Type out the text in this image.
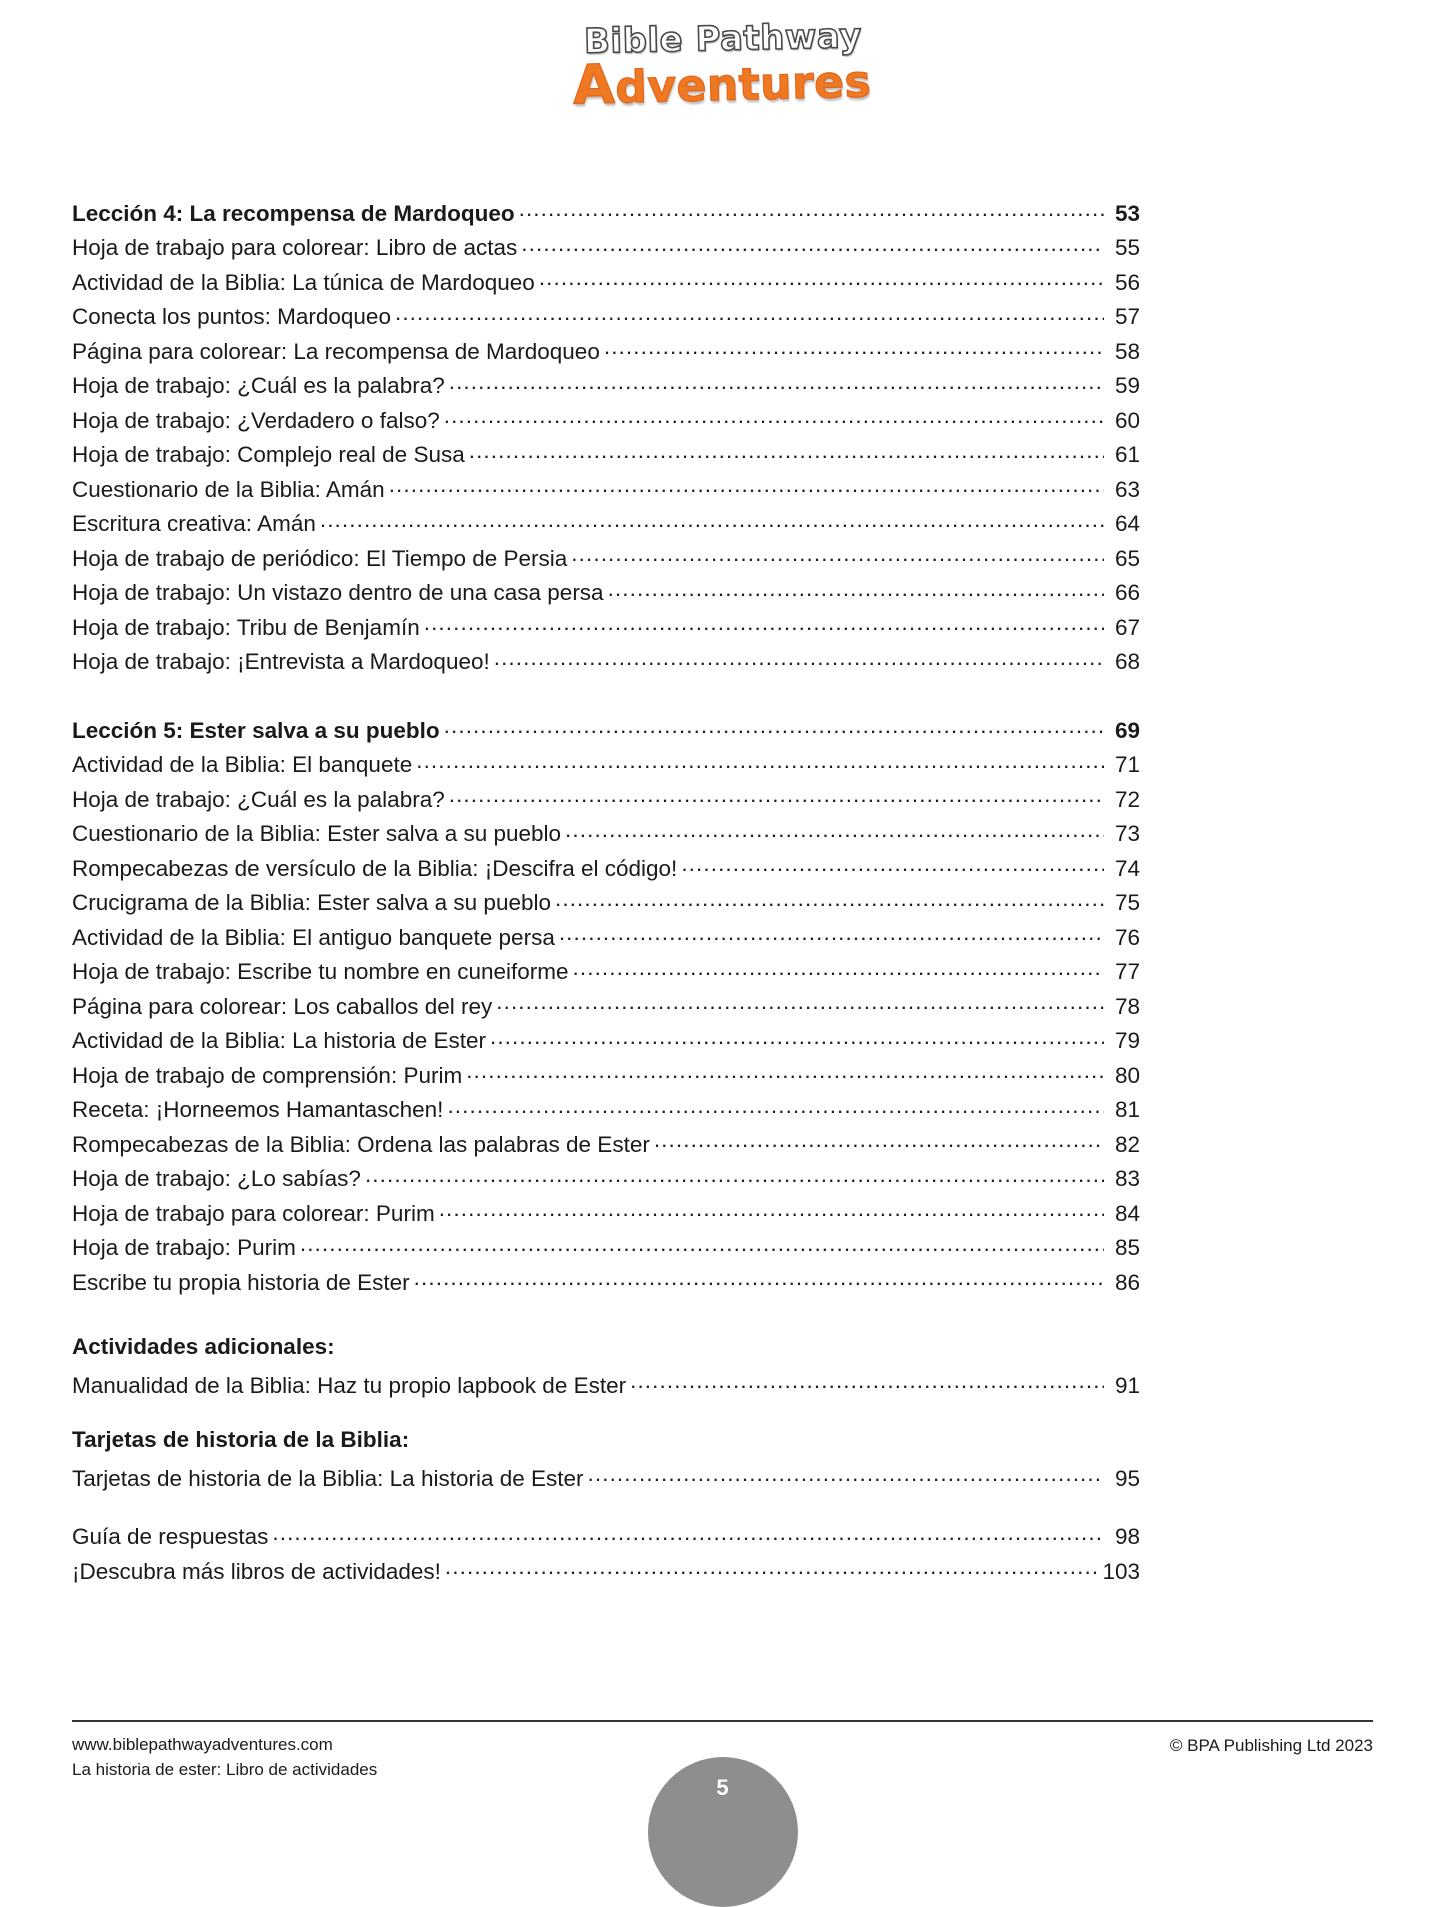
Bible Pathway
Adventures
Lección 4: La recompensa de Mardoqueo .....	53
Hoja de trabajo para colorear: Libro de actas .....	55
Actividad de la Biblia: La túnica de Mardoqueo .....	56
Conecta los puntos: Mardoqueo .....	57
Página para colorear: La recompensa de Mardoqueo .....	58
Hoja de trabajo: ¿Cuál es la palabra? .....	59
Hoja de trabajo: ¿Verdadero o falso? .....	60
Hoja de trabajo: Complejo real de Susa .....	61
Cuestionario de la Biblia: Amán .....	63
Escritura creativa: Amán .....	64
Hoja de trabajo de periódico: El Tiempo de Persia .....	65
Hoja de trabajo: Un vistazo dentro de una casa persa .....	66
Hoja de trabajo: Tribu de Benjamín .....	67
Hoja de trabajo: ¡Entrevista a Mardoqueo! .....	68
Lección 5: Ester salva a su pueblo .....	69
Actividad de la Biblia: El banquete .....	71
Hoja de trabajo: ¿Cuál es la palabra? .....	72
Cuestionario de la Biblia: Ester salva a su pueblo .....	73
Rompecabezas de versículo de la Biblia: ¡Descifra el código! .....	74
Crucigrama de la Biblia: Ester salva a su pueblo .....	75
Actividad de la Biblia: El antiguo banquete persa .....	76
Hoja de trabajo: Escribe tu nombre en cuneiforme .....	77
Página para colorear: Los caballos del rey .....	78
Actividad de la Biblia: La historia de Ester .....	79
Hoja de trabajo de comprensión: Purim .....	80
Receta: ¡Horneemos Hamantaschen! .....	81
Rompecabezas de la Biblia: Ordena las palabras de Ester .....	82
Hoja de trabajo: ¿Lo sabías? .....	83
Hoja de trabajo para colorear: Purim .....	84
Hoja de trabajo: Purim .....	85
Escribe tu propia historia de Ester .....	86
Actividades adicionales:
Manualidad de la Biblia: Haz tu propio lapbook de Ester .....	91
Tarjetas de historia de la Biblia:
Tarjetas de historia de la Biblia: La historia de Ester .....	95
Guía de respuestas .....	98
¡Descubra más libros de actividades! .....	103
www.biblepathwayadventures.com
La historia de ester: Libro de actividades
© BPA Publishing Ltd 2023
5
